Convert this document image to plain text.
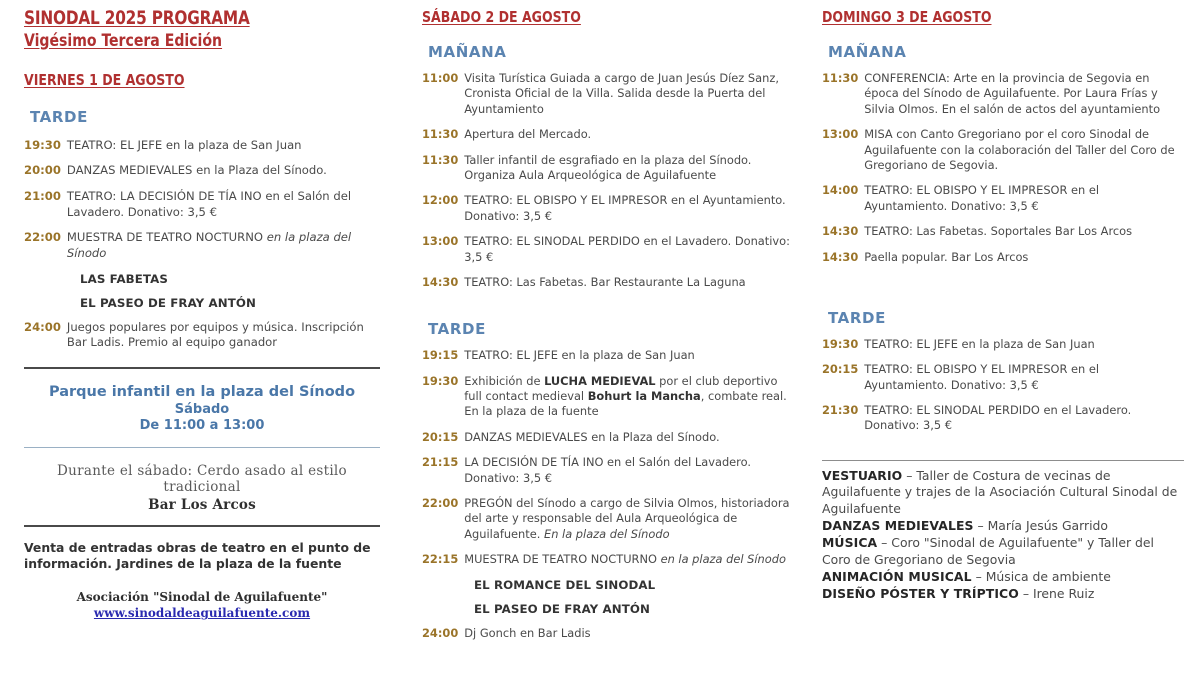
SINODAL 2025 PROGRAMA
Vigésimo Tercera Edición
VIERNES 1 DE AGOSTO
TARDE
19:30 TEATRO: EL JEFE en la plaza de San Juan
20:00 DANZAS MEDIEVALES en la Plaza del Sínodo.
21:00 TEATRO: LA DECISIÓN DE TÍA INO en el Salón del Lavadero. Donativo: 3,5 €
22:00 MUESTRA DE TEATRO NOCTURNO en la plaza del Sínodo
LAS FABETAS
EL PASEO DE FRAY ANTÓN
24:00 Juegos populares por equipos y música. Inscripción Bar Ladis. Premio al equipo ganador
Parque infantil en la plaza del Sínodo
Sábado
De 11:00 a 13:00
Durante el sábado: Cerdo asado al estilo tradicional
Bar Los Arcos
Venta de entradas obras de teatro en el punto de información. Jardines de la plaza de la fuente
Asociación "Sinodal de Aguilafuente"
www.sinodaldeaguilafuente.com
SÁBADO 2 DE AGOSTO
MAÑANA
11:00 Visita Turística Guiada a cargo de Juan Jesús Díez Sanz, Cronista Oficial de la Villa. Salida desde la Puerta del Ayuntamiento
11:30 Apertura del Mercado.
11:30 Taller infantil de esgrafiado en la plaza del Sínodo. Organiza Aula Arqueológica de Aguilafuente
12:00 TEATRO: EL OBISPO Y EL IMPRESOR en el Ayuntamiento. Donativo: 3,5 €
13:00 TEATRO: EL SINODAL PERDIDO en el Lavadero. Donativo: 3,5 €
14:30 TEATRO: Las Fabetas. Bar Restaurante La Laguna
TARDE
19:15 TEATRO: EL JEFE en la plaza de San Juan
19:30 Exhibición de LUCHA MEDIEVAL por el club deportivo full contact medieval Bohurt la Mancha, combate real. En la plaza de la fuente
20:15 DANZAS MEDIEVALES en la Plaza del Sínodo.
21:15 LA DECISIÓN DE TÍA INO en el Salón del Lavadero. Donativo: 3,5 €
22:00 PREGÓN del Sínodo a cargo de Silvia Olmos, historiadora del arte y responsable del Aula Arqueológica de Aguilafuente. En la plaza del Sínodo
22:15 MUESTRA DE TEATRO NOCTURNO en la plaza del Sínodo
EL ROMANCE DEL SINODAL
EL PASEO DE FRAY ANTÓN
24:00 Dj Gonch en Bar Ladis
DOMINGO 3 DE AGOSTO
MAÑANA
11:30 CONFERENCIA: Arte en la provincia de Segovia en época del Sínodo de Aguilafuente. Por Laura Frías y Silvia Olmos. En el salón de actos del ayuntamiento
13:00 MISA con Canto Gregoriano por el coro Sinodal de Aguilafuente con la colaboración del Taller del Coro de Gregoriano de Segovia.
14:00 TEATRO: EL OBISPO Y EL IMPRESOR en el Ayuntamiento. Donativo: 3,5 €
14:30 TEATRO: Las Fabetas. Soportales Bar Los Arcos
14:30 Paella popular. Bar Los Arcos
TARDE
19:30 TEATRO: EL JEFE en la plaza de San Juan
20:15 TEATRO: EL OBISPO Y EL IMPRESOR en el Ayuntamiento. Donativo: 3,5 €
21:30 TEATRO: EL SINODAL PERDIDO en el Lavadero. Donativo: 3,5 €
VESTUARIO – Taller de Costura de vecinas de Aguilafuente y trajes de la Asociación Cultural Sinodal de Aguilafuente
DANZAS MEDIEVALES – María Jesús Garrido
MÚSICA – Coro "Sinodal de Aguilafuente" y Taller del Coro de Gregoriano de Segovia
ANIMACIÓN MUSICAL – Música de ambiente
DISEÑO PÓSTER Y TRÍPTICO – Irene Ruiz
